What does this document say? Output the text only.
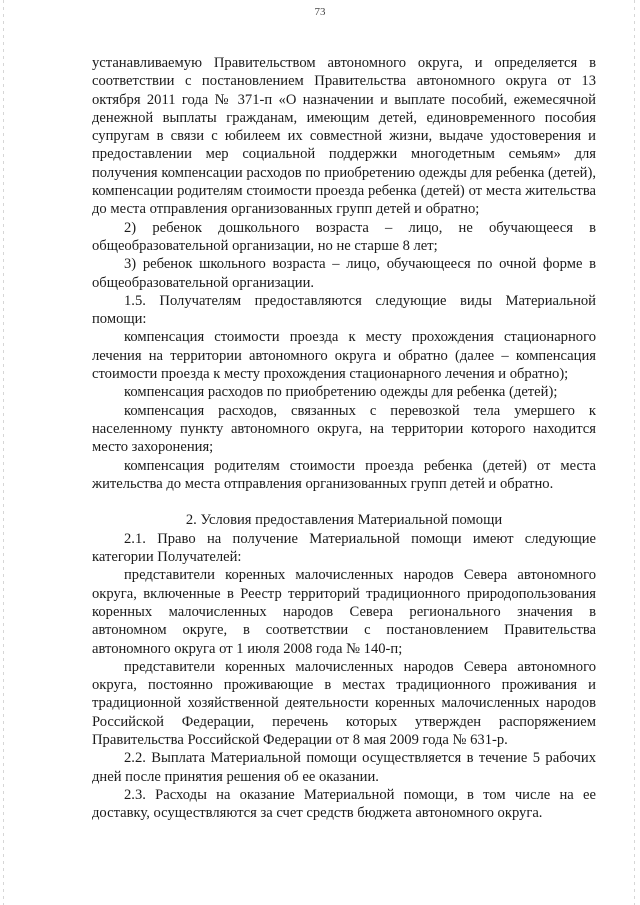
73

устанавливаемую Правительством автономного округа, и определяется в соответствии с постановлением Правительства автономного округа от 13 октября 2011 года № 371-п «О назначении и выплате пособий, ежемесячной денежной выплаты гражданам, имеющим детей, единовременного пособия супругам в связи с юбилеем их совместной жизни, выдаче удостоверения и предоставлении мер социальной поддержки многодетным семьям» для получения компенсации расходов по приобретению одежды для ребенка (детей), компенсации родителям стоимости проезда ребенка (детей) от места жительства до места отправления организованных групп детей и обратно;

2) ребенок дошкольного возраста – лицо, не обучающееся в общеобразовательной организации, но не старше 8 лет;

3) ребенок школьного возраста – лицо, обучающееся по очной форме в общеобразовательной организации.

1.5. Получателям предоставляются следующие виды Материальной помощи:

компенсация стоимости проезда к месту прохождения стационарного лечения на территории автономного округа и обратно (далее – компенсация стоимости проезда к месту прохождения стационарного лечения и обратно);

компенсация расходов по приобретению одежды для ребенка (детей);

компенсация расходов, связанных с перевозкой тела умершего к населенному пункту автономного округа, на территории которого находится место захоронения;

компенсация родителям стоимости проезда ребенка (детей) от места жительства до места отправления организованных групп детей и обратно.

2. Условия предоставления Материальной помощи

2.1. Право на получение Материальной помощи имеют следующие категории Получателей:

представители коренных малочисленных народов Севера автономного округа, включенные в Реестр территорий традиционного природопользования коренных малочисленных народов Севера регионального значения в автономном округе, в соответствии с постановлением Правительства автономного округа от 1 июля 2008 года № 140-п;

представители коренных малочисленных народов Севера автономного округа, постоянно проживающие в местах традиционного проживания и традиционной хозяйственной деятельности коренных малочисленных народов Российской Федерации, перечень которых утвержден распоряжением Правительства Российской Федерации от 8 мая 2009 года № 631-р.

2.2. Выплата Материальной помощи осуществляется в течение 5 рабочих дней после принятия решения об ее оказании.

2.3. Расходы на оказание Материальной помощи, в том числе на ее доставку, осуществляются за счет средств бюджета автономного округа.
